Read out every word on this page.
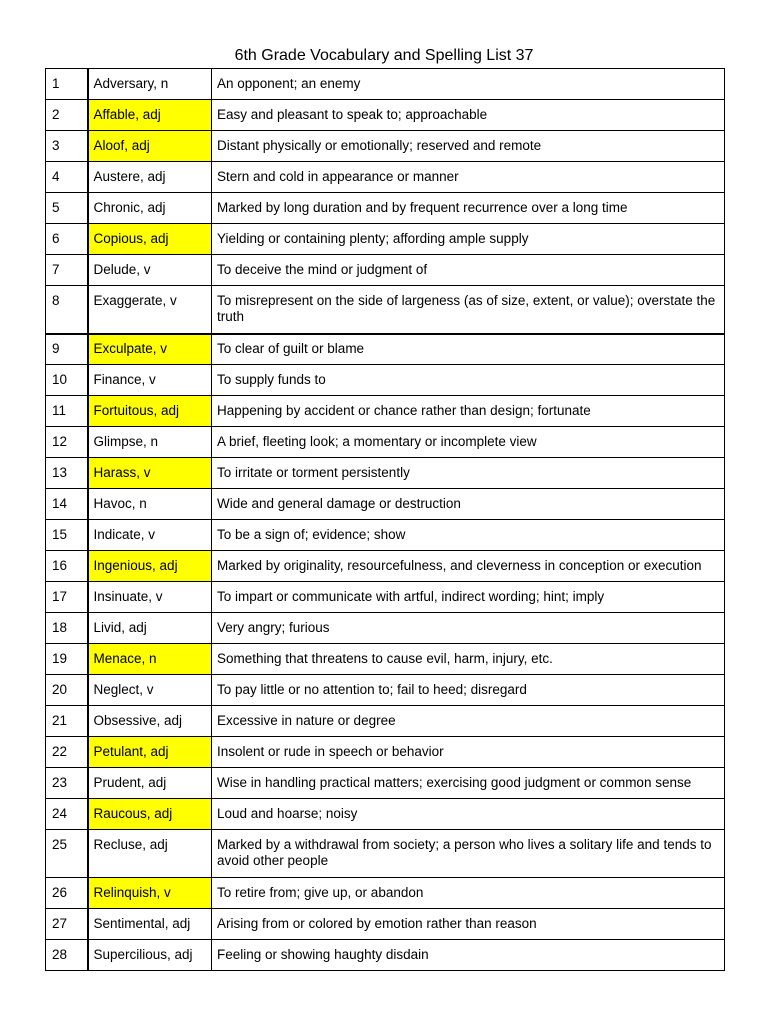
6th Grade Vocabulary and Spelling List 37
1	Adversary, n	An opponent; an enemy
2	Affable, adj	Easy and pleasant to speak to; approachable
3	Aloof, adj	Distant physically or emotionally; reserved and remote
4	Austere, adj	Stern and cold in appearance or manner
5	Chronic, adj	Marked by long duration and by frequent recurrence over a long time
6	Copious, adj	Yielding or containing plenty; affording ample supply
7	Delude, v	To deceive the mind or judgment of
8	Exaggerate, v	To misrepresent on the side of largeness (as of size, extent, or value); overstate the truth
9	Exculpate, v	To clear of guilt or blame
10	Finance, v	To supply funds to
11	Fortuitous, adj	Happening by accident or chance rather than design; fortunate
12	Glimpse, n	A brief, fleeting look; a momentary or incomplete view
13	Harass, v	To irritate or torment persistently
14	Havoc, n	Wide and general damage or destruction
15	Indicate, v	To be a sign of; evidence; show
16	Ingenious, adj	Marked by originality, resourcefulness, and cleverness in conception or execution
17	Insinuate, v	To impart or communicate with artful, indirect wording; hint; imply
18	Livid, adj	Very angry; furious
19	Menace, n	Something that threatens to cause evil, harm, injury, etc.
20	Neglect, v	To pay little or no attention to; fail to heed; disregard
21	Obsessive, adj	Excessive in nature or degree
22	Petulant, adj	Insolent or rude in speech or behavior
23	Prudent, adj	Wise in handling practical matters; exercising good judgment or common sense
24	Raucous, adj	Loud and hoarse; noisy
25	Recluse, adj	Marked by a withdrawal from society; a person who lives a solitary life and tends to avoid other people
26	Relinquish, v	To retire from; give up, or abandon
27	Sentimental, adj	Arising from or colored by emotion rather than reason
28	Supercilious, adj	Feeling or showing haughty disdain
